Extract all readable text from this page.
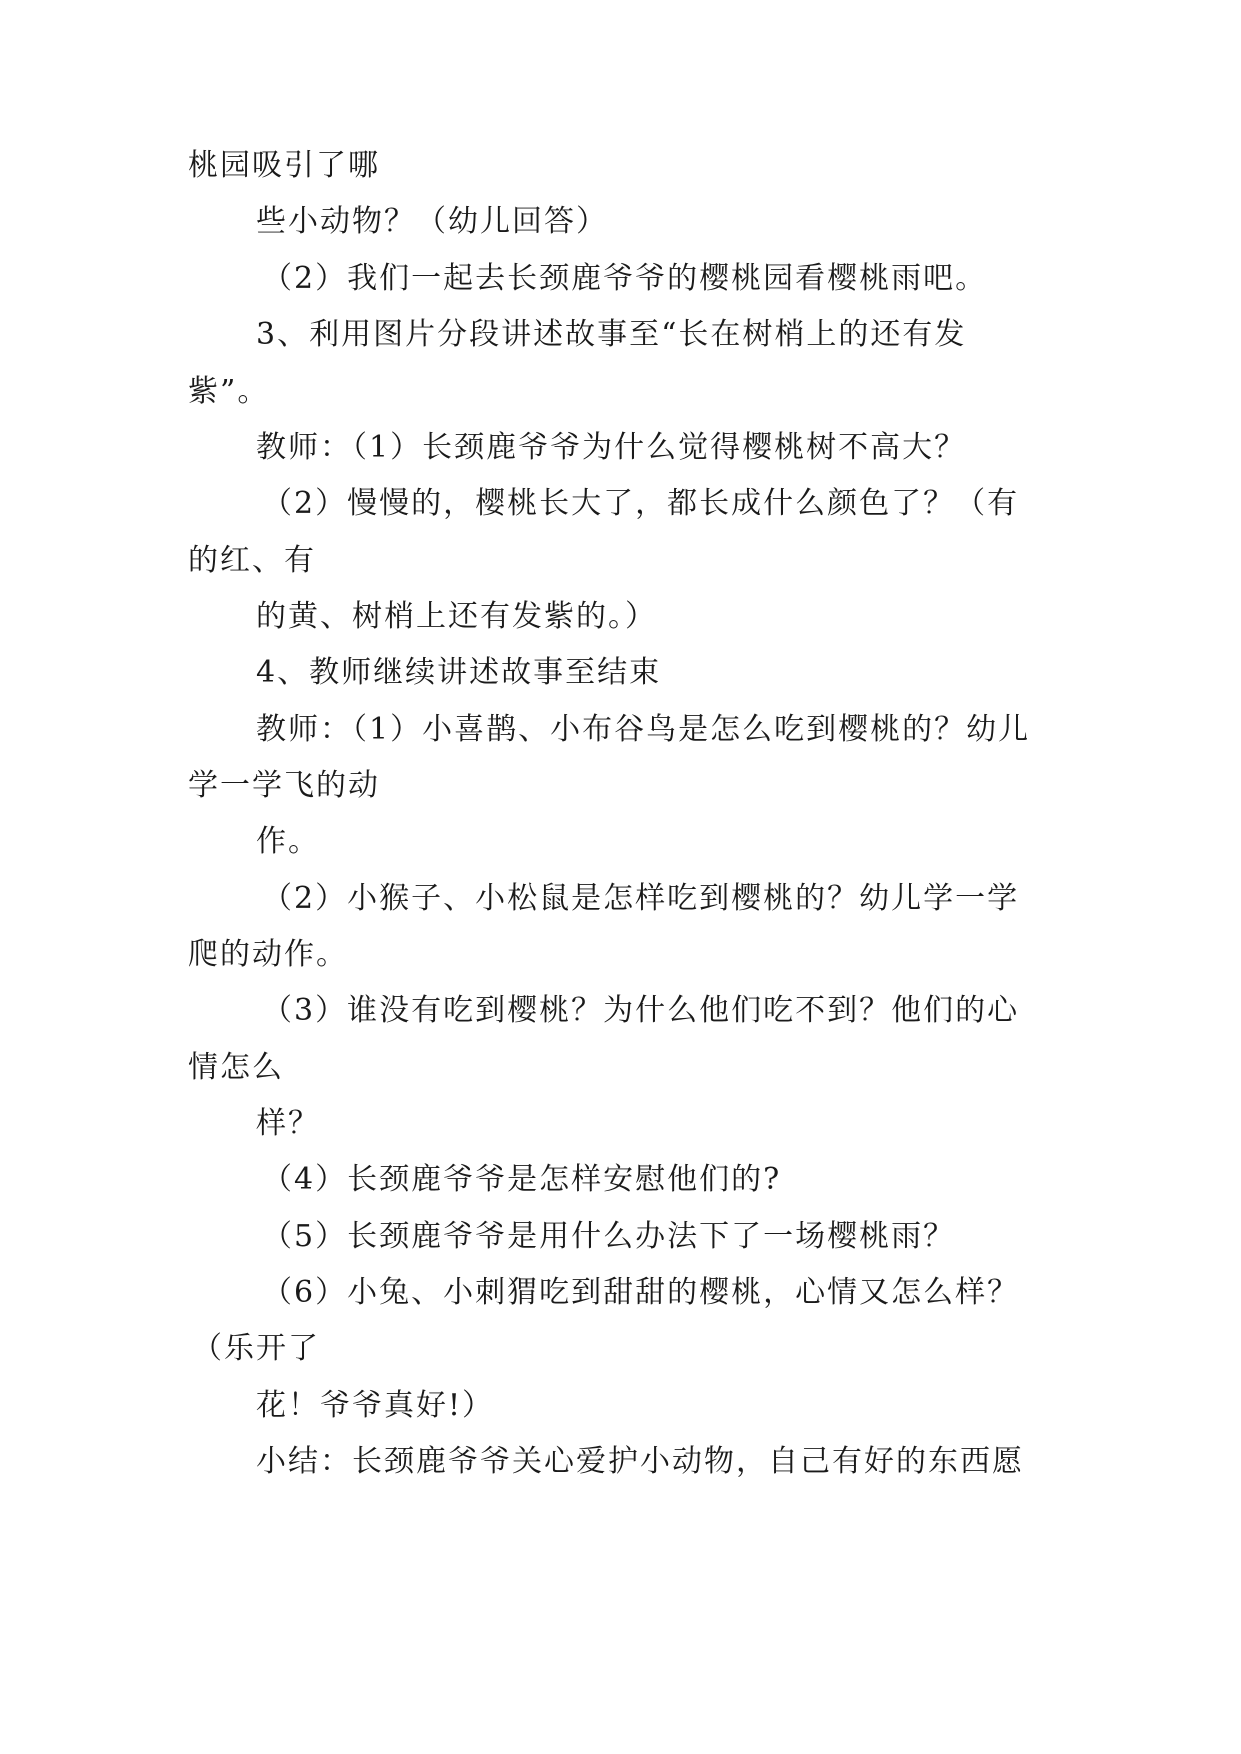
桃园吸引了哪
些小动物？（幼儿回答）
（2）我们一起去长颈鹿爷爷的樱桃园看樱桃雨吧。
3、利用图片分段讲述故事至“长在树梢上的还有发
紫”。
教师：（1）长颈鹿爷爷为什么觉得樱桃树不高大？
（2）慢慢的，樱桃长大了，都长成什么颜色了？（有
的红、有
的黄、树梢上还有发紫的。）
4、教师继续讲述故事至结束
教师：（1）小喜鹊、小布谷鸟是怎么吃到樱桃的？幼儿
学一学飞的动
作。
（2）小猴子、小松鼠是怎样吃到樱桃的？幼儿学一学
爬的动作。
（3）谁没有吃到樱桃？为什么他们吃不到？他们的心
情怎么
样？
（4）长颈鹿爷爷是怎样安慰他们的?
（5）长颈鹿爷爷是用什么办法下了一场樱桃雨？
（6）小兔、小刺猬吃到甜甜的樱桃，心情又怎么样？
（乐开了
花！爷爷真好!）
小结：长颈鹿爷爷关心爱护小动物，自己有好的东西愿
